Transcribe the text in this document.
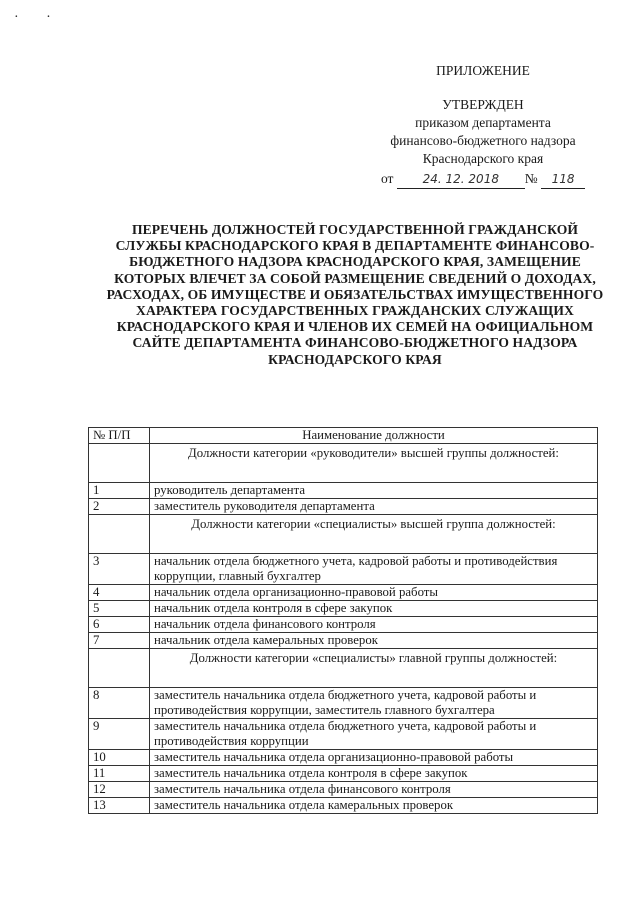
· ·
ПРИЛОЖЕНИЕ
УТВЕРЖДЕН
приказом департамента
финансово-бюджетного надзора
Краснодарского края
от 24. 12. 2018 № 118
ПЕРЕЧЕНЬ ДОЛЖНОСТЕЙ ГОСУДАРСТВЕННОЙ ГРАЖДАНСКОЙ СЛУЖБЫ КРАСНОДАРСКОГО КРАЯ В ДЕПАРТАМЕНТЕ ФИНАНСОВО-БЮДЖЕТНОГО НАДЗОРА КРАСНОДАРСКОГО КРАЯ, ЗАМЕЩЕНИЕ КОТОРЫХ ВЛЕЧЕТ ЗА СОБОЙ РАЗМЕЩЕНИЕ СВЕДЕНИЙ О ДОХОДАХ, РАСХОДАХ, ОБ ИМУЩЕСТВЕ И ОБЯЗАТЕЛЬСТВАХ ИМУЩЕСТВЕННОГО ХАРАКТЕРА ГОСУДАРСТВЕННЫХ ГРАЖДАНСКИХ СЛУЖАЩИХ КРАСНОДАРСКОГО КРАЯ И ЧЛЕНОВ ИХ СЕМЕЙ НА ОФИЦИАЛЬНОМ САЙТЕ ДЕПАРТАМЕНТА ФИНАНСОВО-БЮДЖЕТНОГО НАДЗОРА КРАСНОДАРСКОГО КРАЯ
№ П/П	Наименование должности
	Должности категории «руководители» высшей группы должностей:
1	руководитель департамента
2	заместитель руководителя департамента
	Должности категории «специалисты» высшей группа должностей:
3	начальник отдела бюджетного учета, кадровой работы и противодействия коррупции, главный бухгалтер
4	начальник отдела организационно-правовой работы
5	начальник отдела контроля в сфере закупок
6	начальник отдела финансового контроля
7	начальник отдела камеральных проверок
	Должности категории «специалисты» главной группы должностей:
8	заместитель начальника отдела бюджетного учета, кадровой работы и противодействия коррупции, заместитель главного бухгалтера
9	заместитель начальника отдела бюджетного учета, кадровой работы и противодействия коррупции
10	заместитель начальника отдела организационно-правовой работы
11	заместитель начальника отдела контроля в сфере закупок
12	заместитель начальника отдела финансового контроля
13	заместитель начальника отдела камеральных проверок
